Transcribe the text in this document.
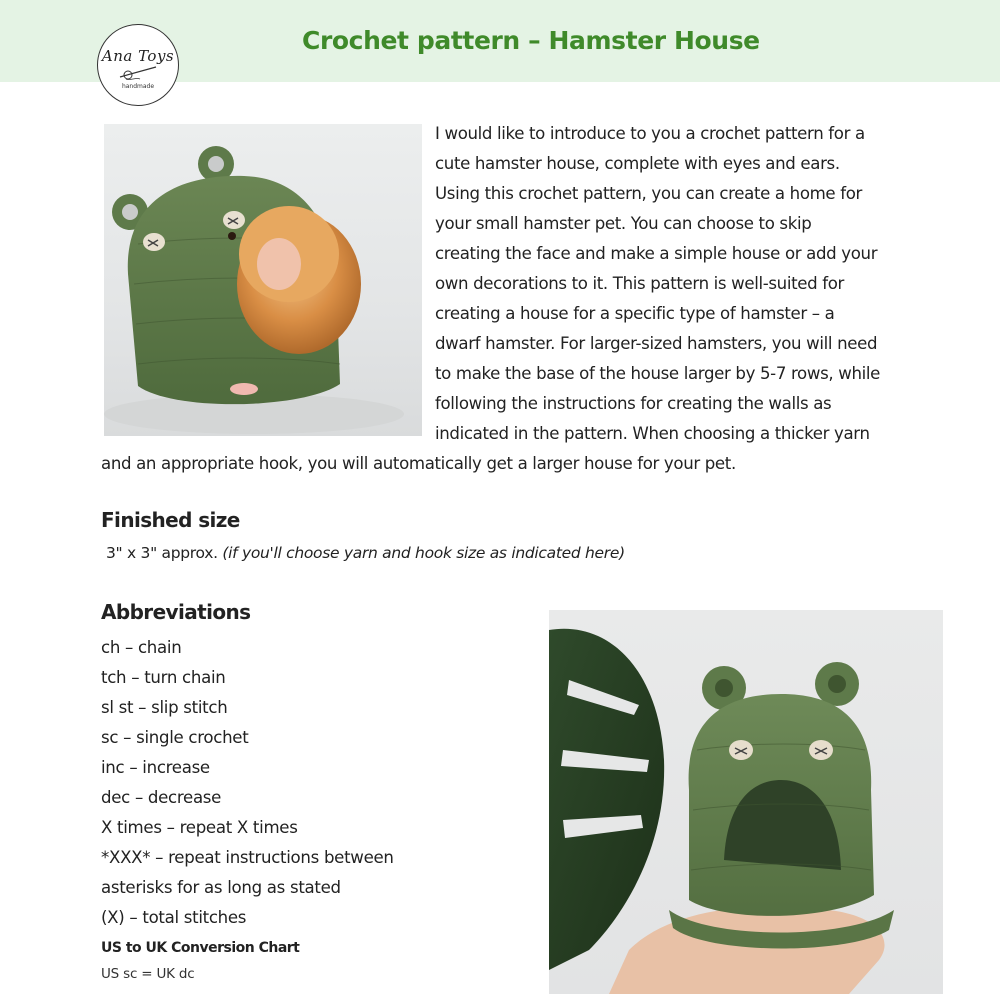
Ana Toys
handmade
Crochet pattern – Hamster House
I would like to introduce to you a crochet pattern for a
cute hamster house, complete with eyes and ears.
Using this crochet pattern, you can create a home for
your small hamster pet. You can choose to skip
creating the face and make a simple house or add your
own decorations to it. This pattern is well-suited for
creating a house for a specific type of hamster – a
dwarf hamster. For larger-sized hamsters, you will need
to make the base of the house larger by 5-7 rows, while
following the instructions for creating the walls as
indicated in the pattern. When choosing a thicker yarn
and an appropriate hook, you will automatically get a larger house for your pet.
Finished size
3" x 3" approx. (if you'll choose yarn and hook size as indicated here)
Abbreviations
ch – chain
tch – turn chain
sl st – slip stitch
sc – single crochet
inc – increase
dec – decrease
X times – repeat X times
*XXX* – repeat instructions between
asterisks for as long as stated
(X) – total stitches
US to UK Conversion Chart
US sc = UK dc
